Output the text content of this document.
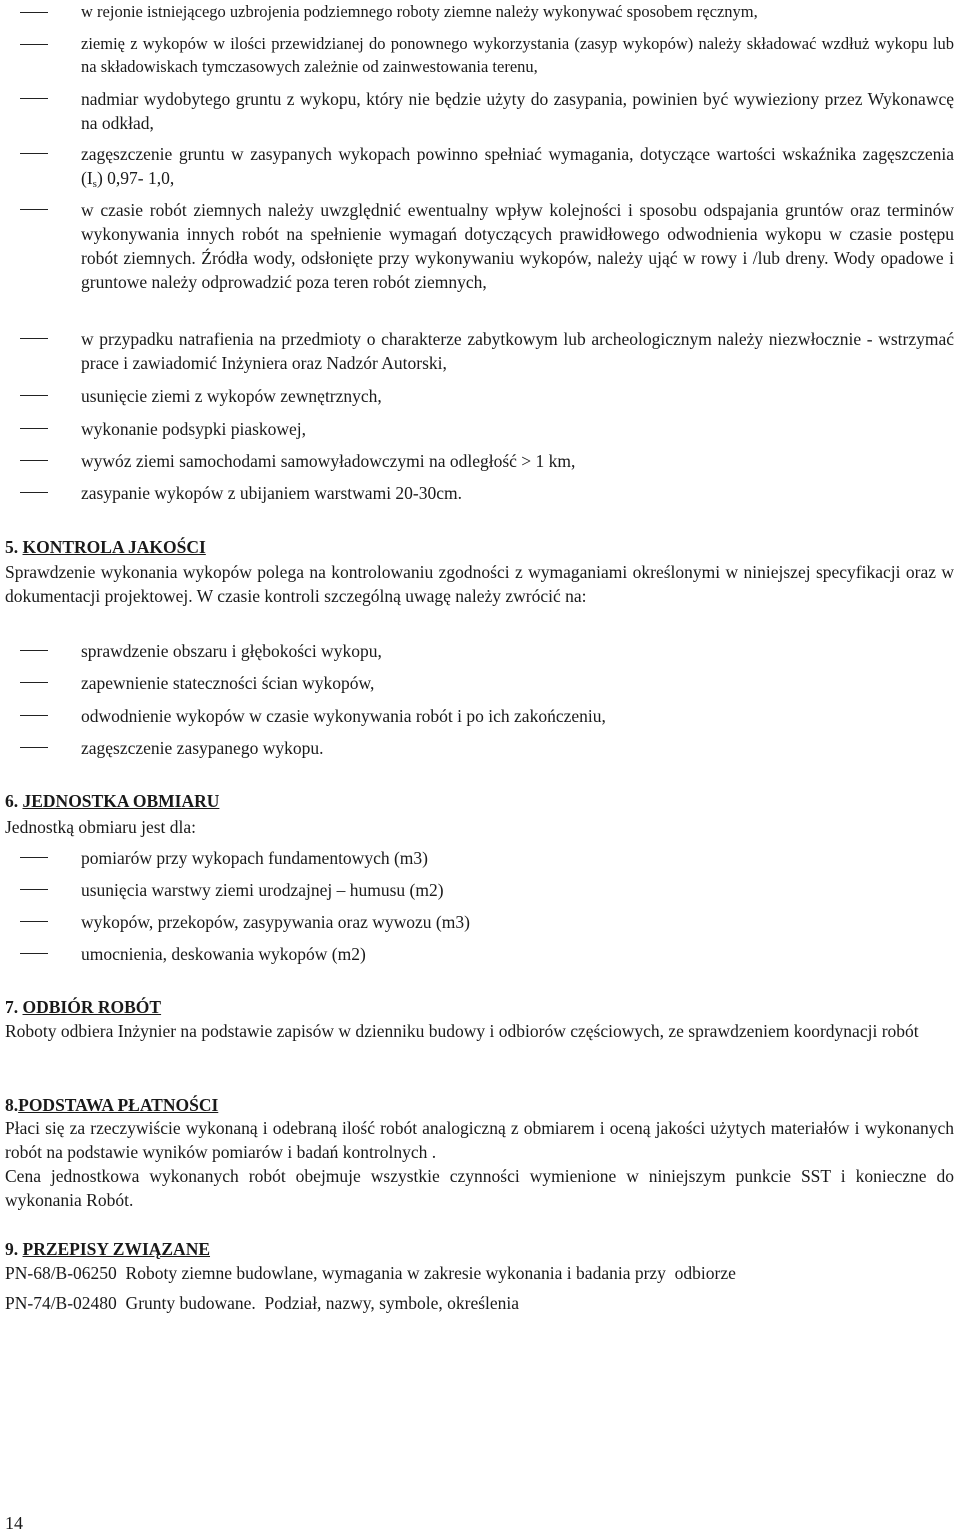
w rejonie istniejącego uzbrojenia podziemnego roboty ziemne należy wykonywać sposobem ręcznym,
ziemię z wykopów w ilości przewidzianej do ponownego wykorzystania (zasyp wykopów) należy składować wzdłuż wykopu lub na składowiskach tymczasowych zależnie od zainwestowania terenu,
nadmiar wydobytego gruntu z wykopu, który nie będzie użyty do zasypania, powinien być wywieziony przez Wykonawcę na odkład,
zagęszczenie gruntu w zasypanych wykopach powinno spełniać wymagania, dotyczące wartości wskaźnika zagęszczenia $(I_s)$ 0,97- 1,0,
w czasie robót ziemnych należy uwzględnić ewentualny wpływ kolejności i sposobu odspajania gruntów oraz terminów wykonywania innych robót na spełnienie wymagań dotyczących prawidłowego odwodnienia wykopu w czasie postępu robót ziemnych. Źródła wody, odsłonięte przy wykonywaniu wykopów, należy ująć w rowy i /lub dreny. Wody opadowe i gruntowe należy odprowadzić poza teren robót ziemnych,
w przypadku natrafienia na przedmioty o charakterze zabytkowym lub archeologicznym należy niezwłocznie - wstrzymać prace i zawiadomić Inżyniera oraz Nadzór Autorski,
usunięcie ziemi z wykopów zewnętrznych,
wykonanie podsypki piaskowej,
wywóz ziemi samochodami samowyładowczymi na odległość > 1 km,
zasypanie wykopów z ubijaniem warstwami 20-30cm.
5. KONTROLA JAKOŚCI
Sprawdzenie wykonania wykopów polega na kontrolowaniu zgodności z wymaganiami określonymi w niniejszej specyfikacji oraz w dokumentacji projektowej. W czasie kontroli szczególną uwagę należy zwrócić na:
sprawdzenie obszaru i głębokości wykopu,
zapewnienie stateczności ścian wykopów,
odwodnienie wykopów w czasie wykonywania robót i po ich zakończeniu,
zagęszczenie zasypanego wykopu.
6. JEDNOSTKA OBMIARU
Jednostką obmiaru jest dla:
pomiarów przy wykopach fundamentowych (m3)
usunięcia warstwy ziemi urodzajnej – humusu (m2)
wykopów, przekopów, zasypywania oraz wywozu (m3)
umocnienia, deskowania wykopów (m2)
7. ODBIÓR ROBÓT
Roboty odbiera Inżynier na podstawie zapisów w dzienniku budowy i odbiorów częściowych, ze sprawdzeniem koordynacji robót
8.PODSTAWA PŁATNOŚCI
Płaci się za rzeczywiście wykonaną i odebraną ilość robót analogiczną z obmiarem i oceną jakości użytych materiałów i wykonanych robót na podstawie wyników pomiarów i badań kontrolnych .
Cena jednostkowa wykonanych robót obejmuje wszystkie czynności wymienione w niniejszym punkcie SST i konieczne do wykonania Robót.
9. PRZEPISY ZWIĄZANE
PN-68/B-06250  Roboty ziemne budowlane, wymagania w zakresie wykonania i badania przy  odbiorze
PN-74/B-02480  Grunty budowane.  Podział, nazwy, symbole, określenia
14
